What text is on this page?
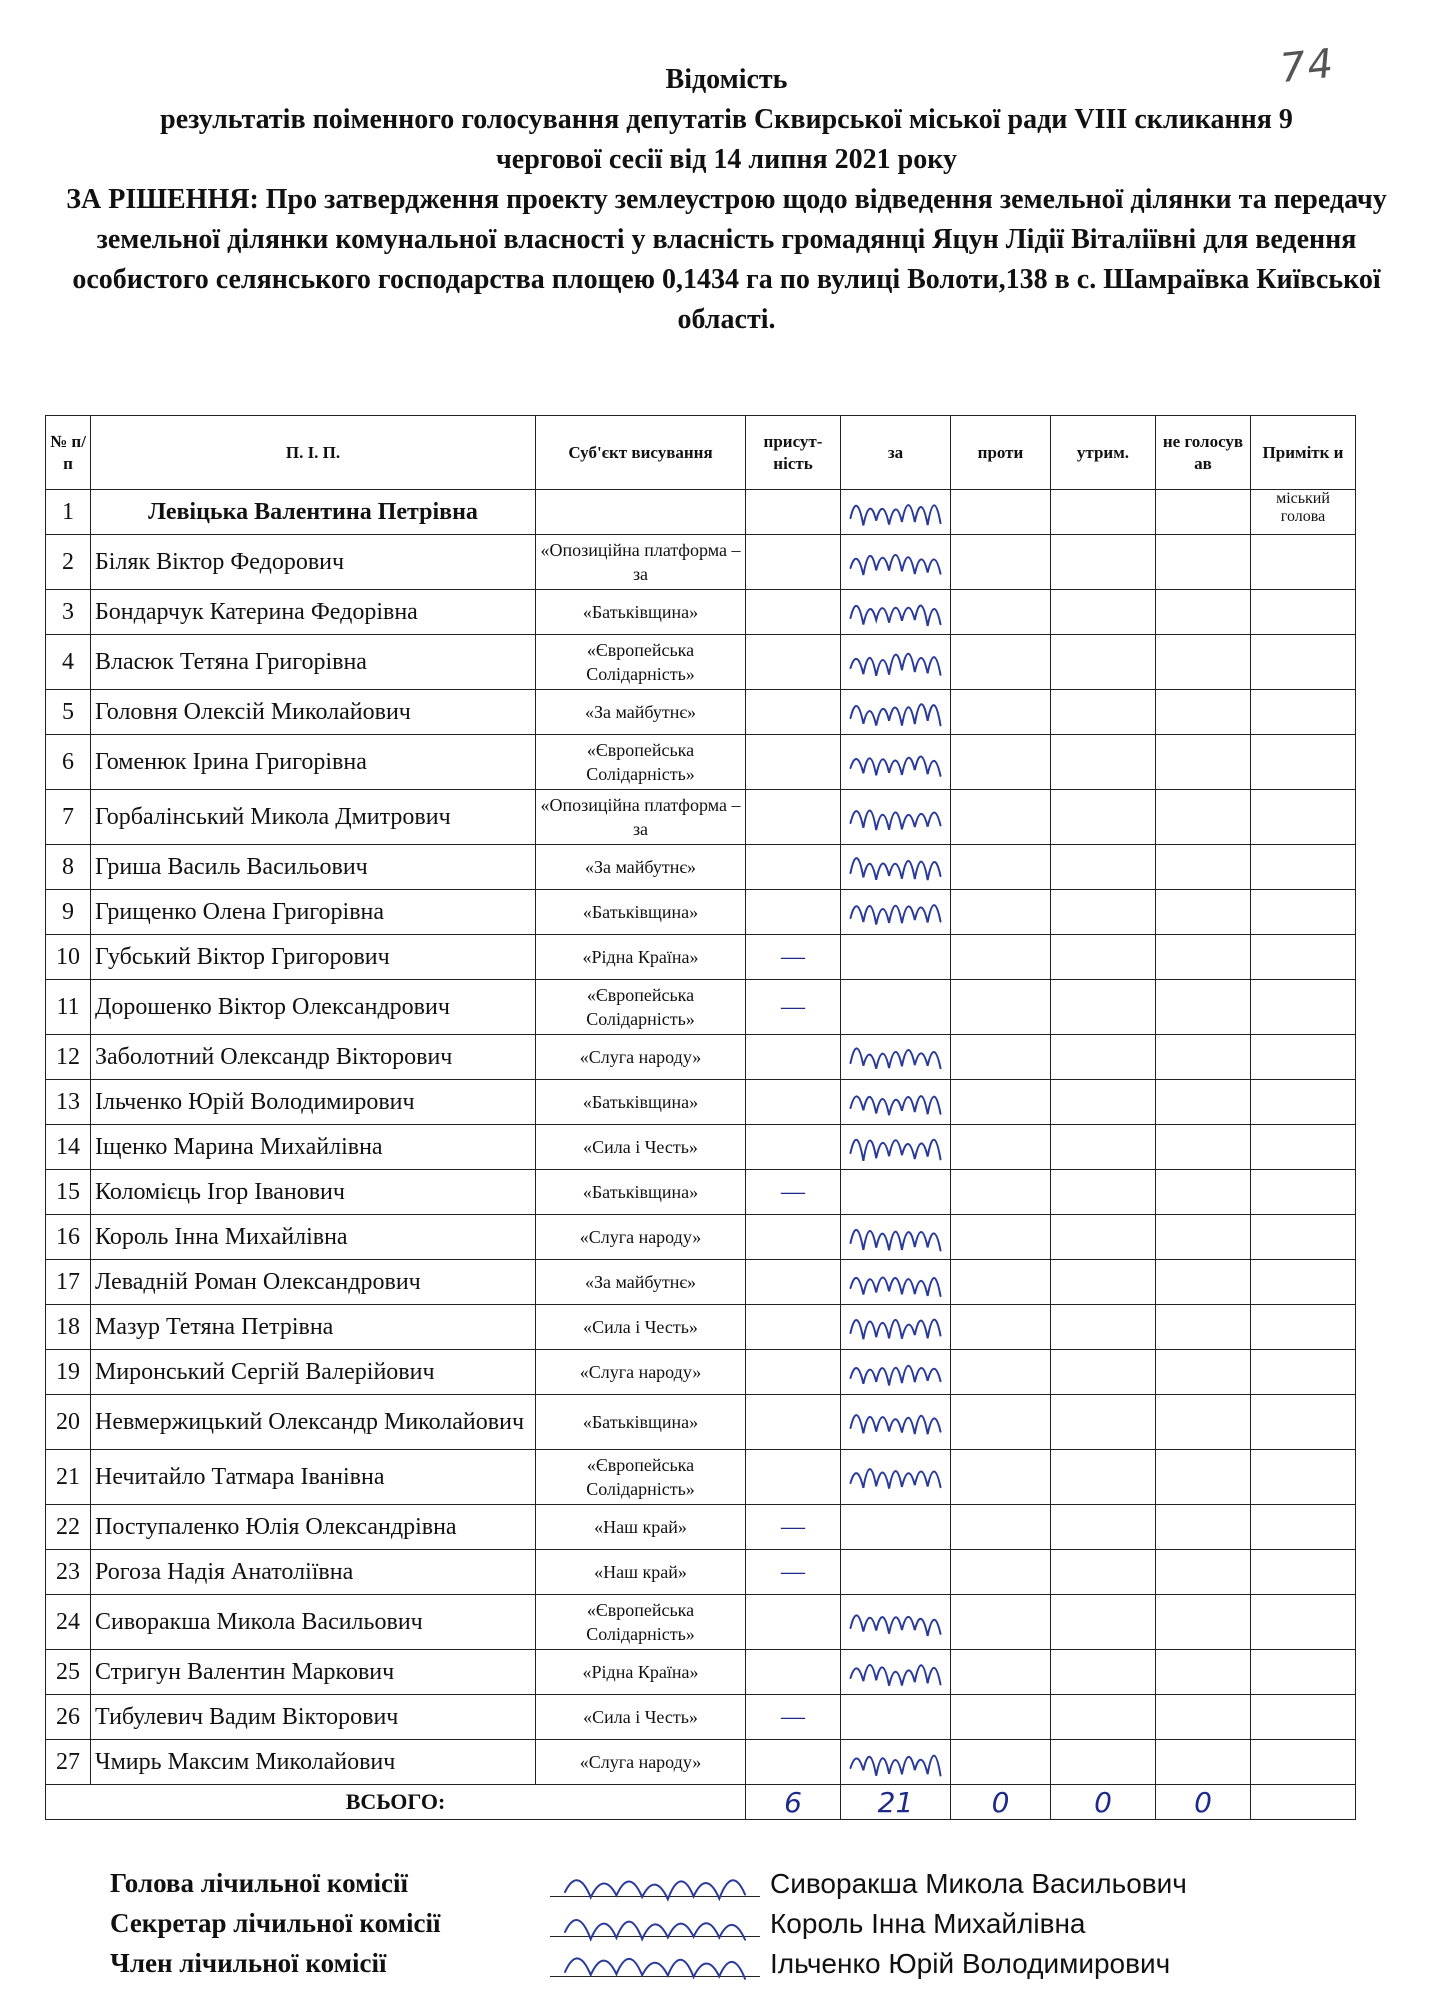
74
Відомість
результатів поіменного голосування депутатів Сквирської міської ради VIII скликання 9
чергової сесії від 14 липня 2021 року
ЗА РІШЕННЯ: Про затвердження проекту землеустрою щодо відведення земельної ділянки та передачу земельної ділянки комунальної власності у власність громадянці Яцун Лідії Віталіївні для ведення особистого селянського господарства площею 0,1434 га по вулиці Волоти,138 в с. Шамраївка Київської області.
№ п/п	П. І. П.	Суб'єкт висування	присут-ність	за	проти	утрим.	не голосув ав	Примітк и
1	Левіцька Валентина Петрівна							міський голова
2	Біляк Віктор Федорович	«Опозиційна платформа – за						
3	Бондарчук Катерина Федорівна	«Батьківщина»						
4	Власюк Тетяна Григорівна	«Європейська Солідарність»						
5	Головня Олексій Миколайович	«За майбутнє»						
6	Гоменюк Ірина Григорівна	«Європейська Солідарність»						
7	Горбалінський Микола Дмитрович	«Опозиційна платформа – за						
8	Гриша Василь Васильович	«За майбутнє»						
9	Грищенко Олена Григорівна	«Батьківщина»						
10	Губський Віктор Григорович	«Рідна Країна»	—					
11	Дорошенко Віктор Олександрович	«Європейська Солідарність»	—					
12	Заболотний Олександр Вікторович	«Слуга народу»						
13	Ільченко Юрій Володимирович	«Батьківщина»						
14	Іщенко Марина Михайлівна	«Сила і Честь»						
15	Коломієць Ігор Іванович	«Батьківщина»	—					
16	Король Інна Михайлівна	«Слуга народу»						
17	Левадній Роман Олександрович	«За майбутнє»						
18	Мазур Тетяна Петрівна	«Сила і Честь»						
19	Миронський Сергій Валерійович	«Слуга народу»						
20	Невмержицький Олександр Миколайович	«Батьківщина»						
21	Нечитайло Татмара Іванівна	«Європейська Солідарність»						
22	Поступаленко Юлія Олександрівна	«Наш край»	—					
23	Рогоза Надія Анатоліївна	«Наш край»	—					
24	Сиворакша Микола Васильович	«Європейська Солідарність»						
25	Стригун Валентин Маркович	«Рідна Країна»						
26	Тибулевич Вадим Вікторович	«Сила і Честь»	—					
27	Чмирь Максим Миколайович	«Слуга народу»						
ВСЬОГО:			6	21	0	0	0	
Голова лічильної комісії	Сиворакша Микола Васильович
Секретар лічильної комісії	Король Інна Михайлівна
Член лічильної комісії	Ільченко Юрій Володимирович
